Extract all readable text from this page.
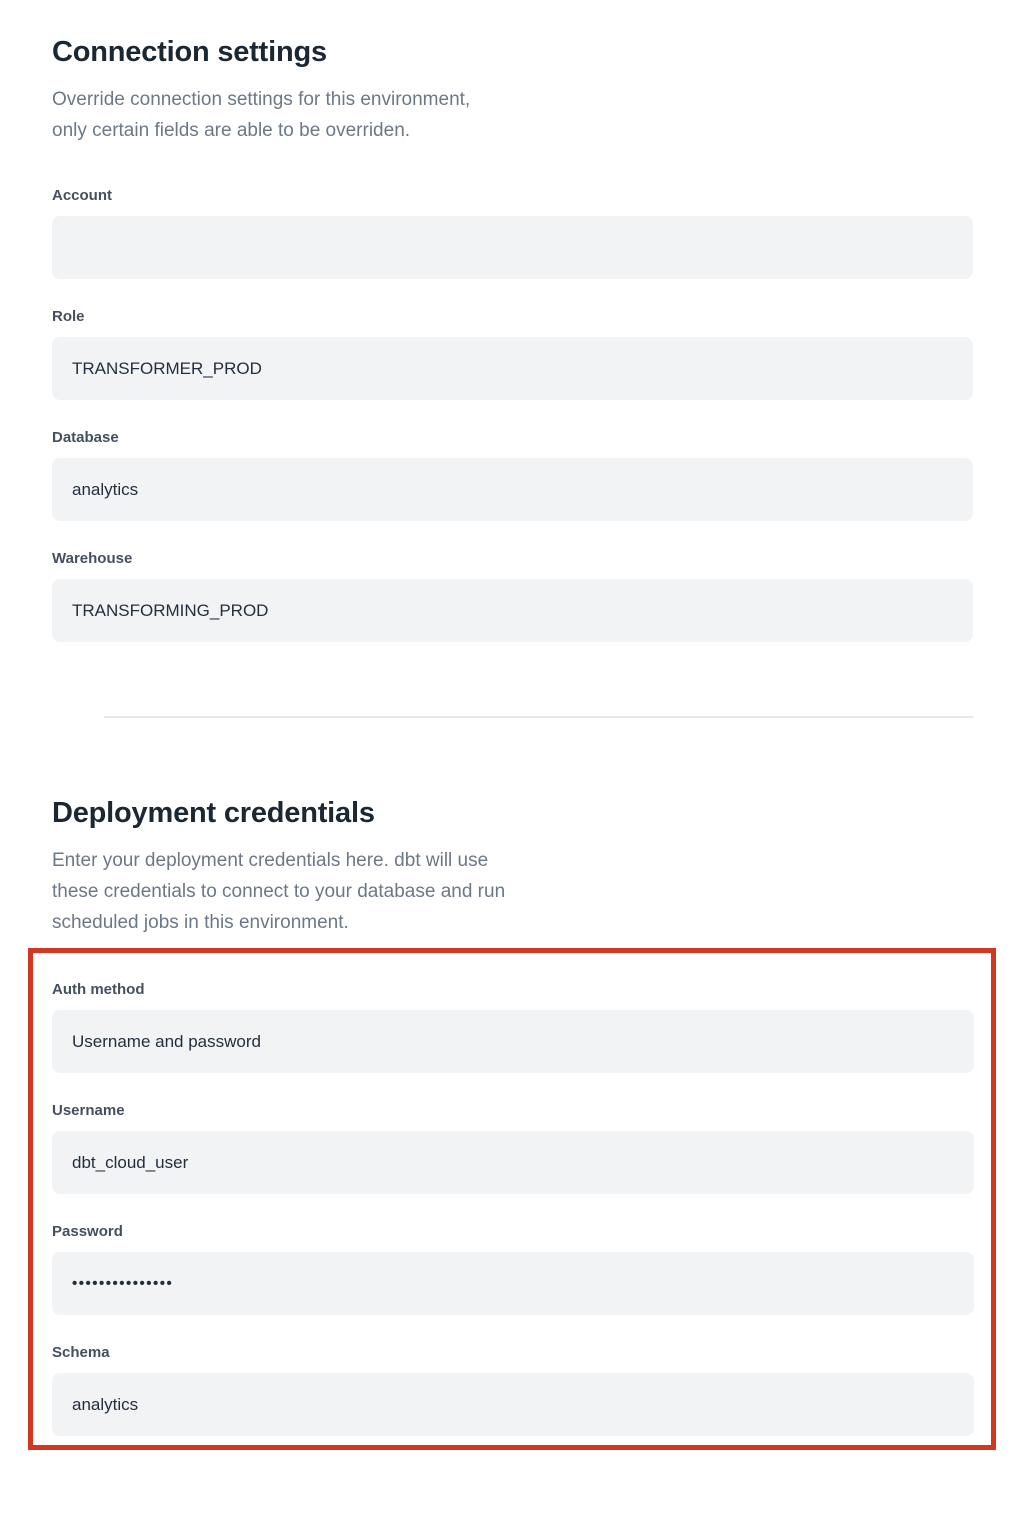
Connection settings

Override connection settings for this environment,
only certain fields are able to be overriden.

Account
Role
TRANSFORMER_PROD
Database
analytics
Warehouse
TRANSFORMING_PROD
Deployment credentials

Enter your deployment credentials here. dbt will use
these credentials to connect to your database and run
scheduled jobs in this environment.

Auth method
Username and password
Username
dbt_cloud_user
Password
•••••••••••••••
Schema
analytics
